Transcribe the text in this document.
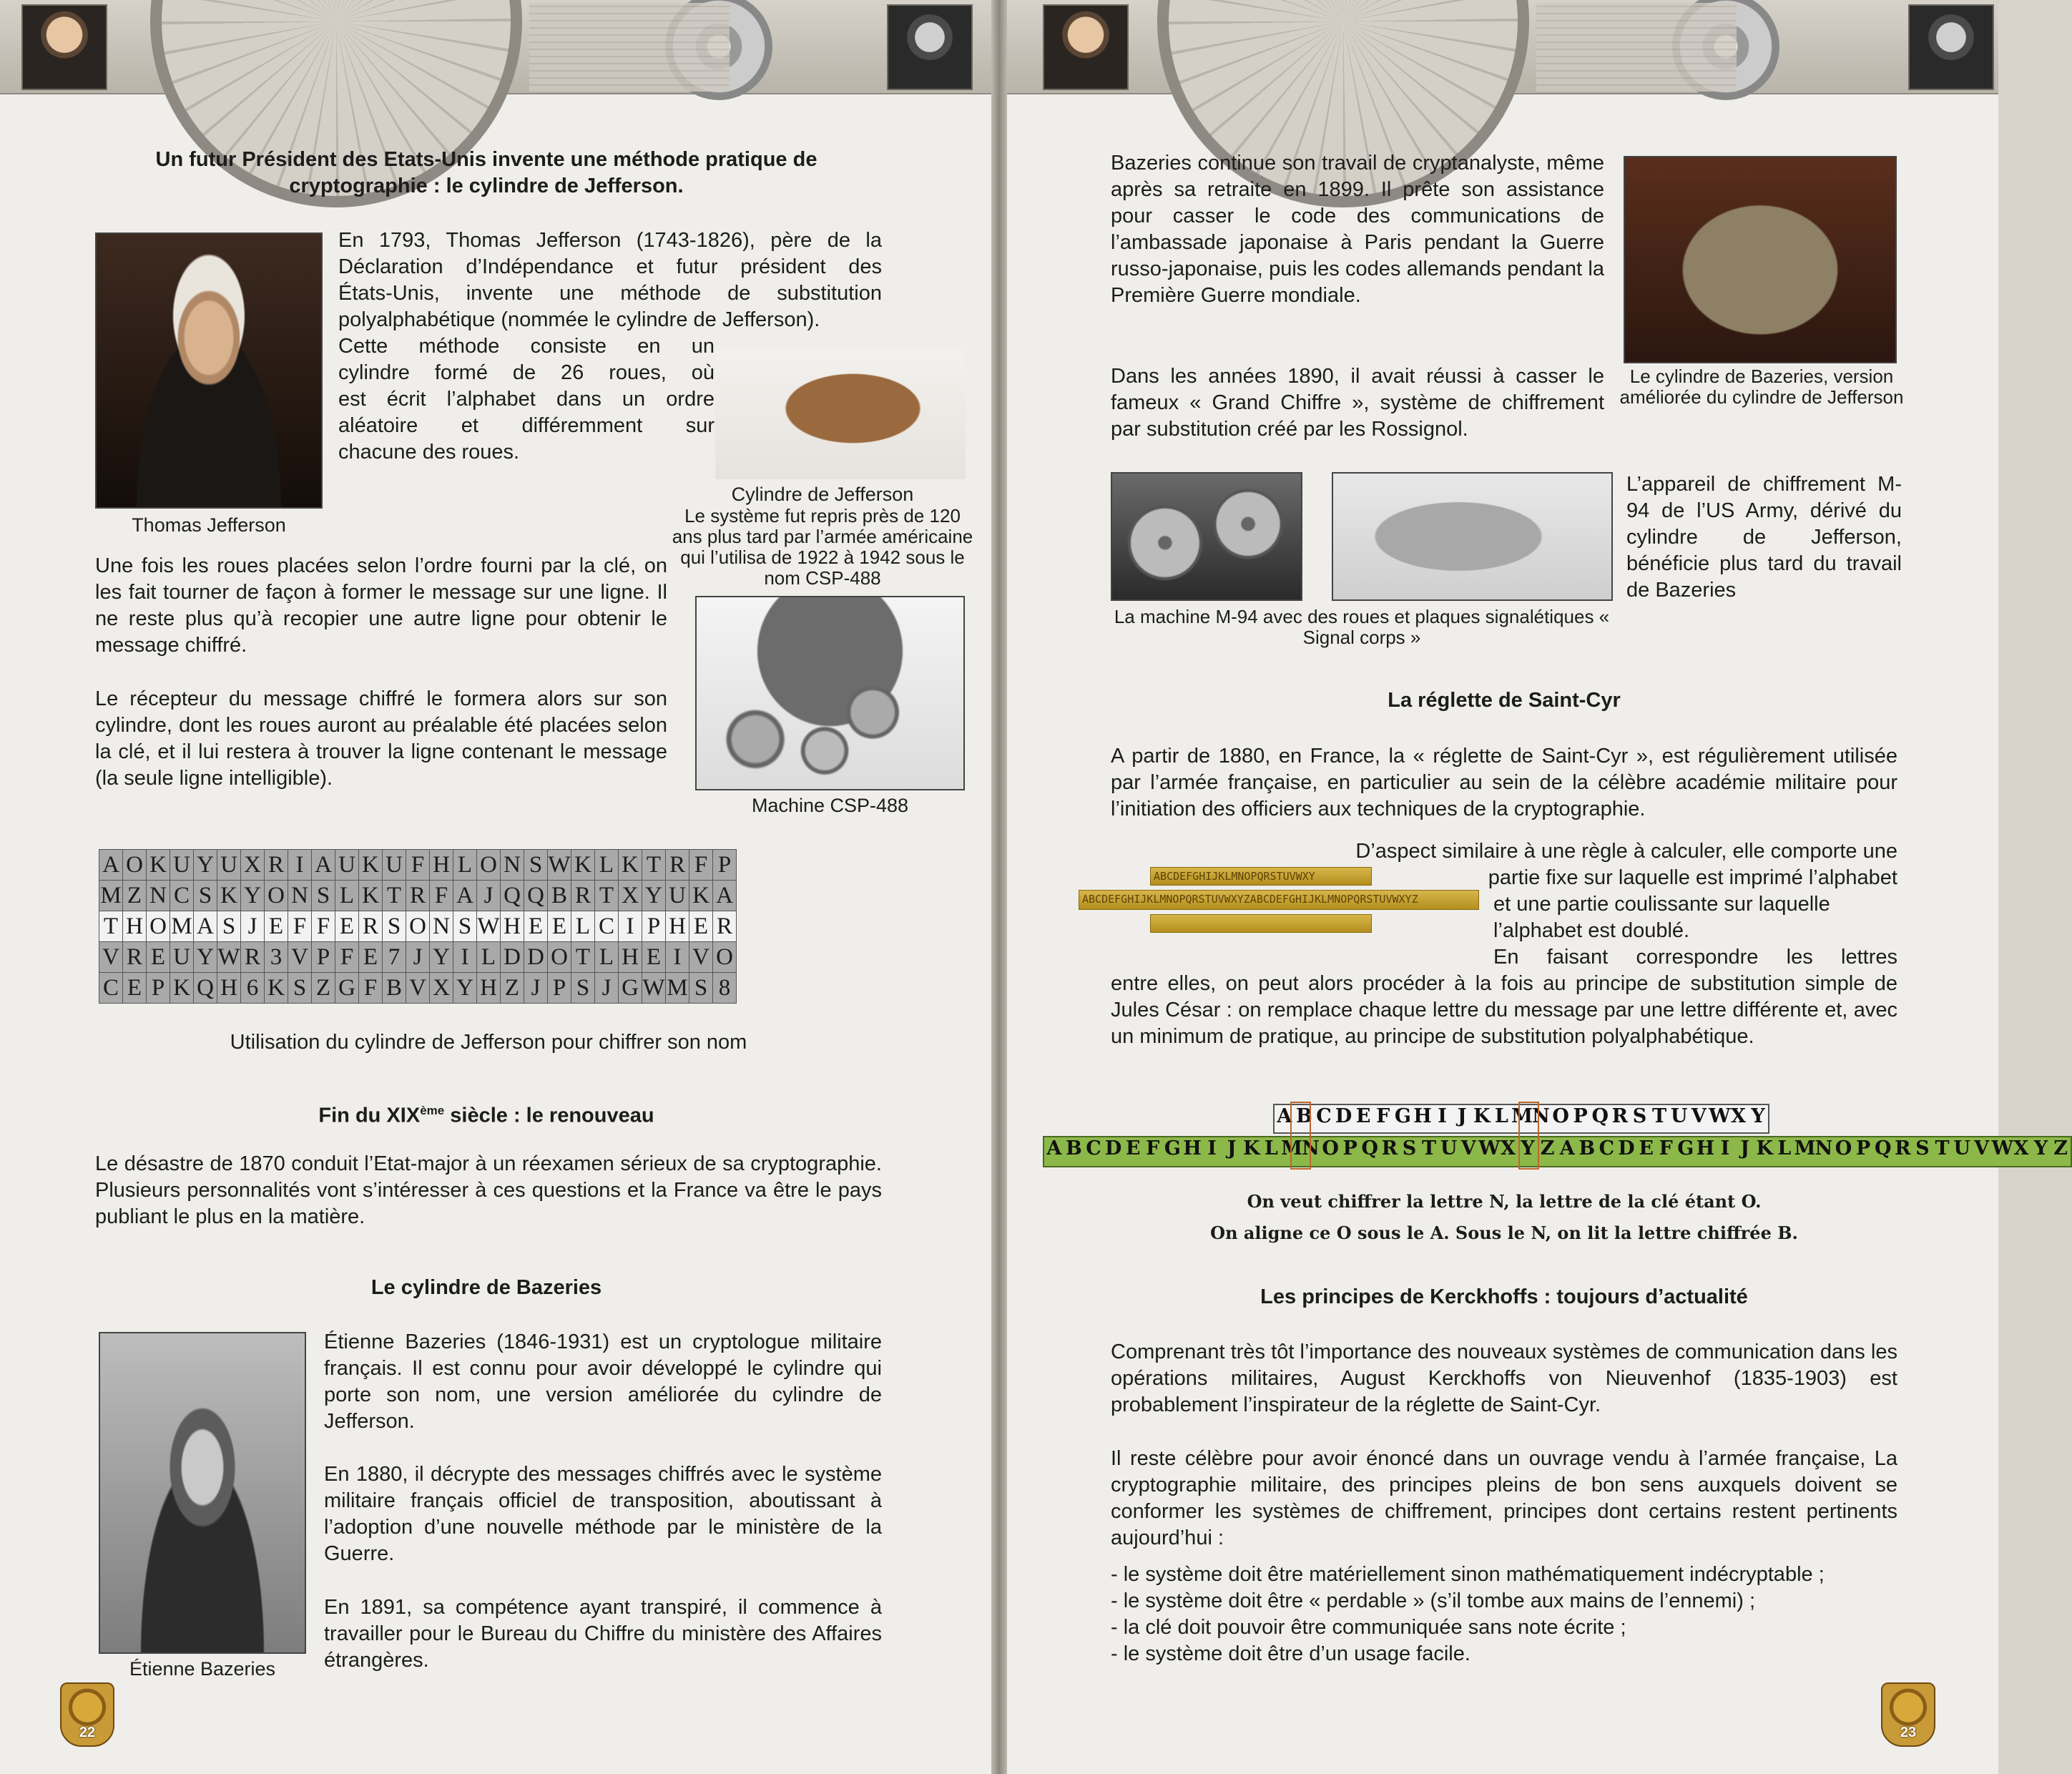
Un futur Président des Etats-Unis invente une méthode pratique de cryptographie : le cylindre de Jefferson.
Thomas Jefferson
En 1793, Thomas Jefferson (1743-1826), père de la
Déclaration d’Indépendance et futur président des
États-Unis, invente une méthode de substitution
polyalphabétique (nommée le cylindre de Jefferson).
Cette méthode consiste en un
cylindre formé de 26 roues, où
est écrit l’alphabet dans un ordre
aléatoire et différemment sur
chacune des roues.
Cylindre de Jefferson
Le système fut repris près de 120 ans plus tard par l’armée américaine qui l’utilisa de 1922 à 1942 sous le nom CSP-488
Une fois les roues placées selon l’ordre fourni par la clé, on les fait tourner de façon à former le message sur une ligne. Il ne reste plus qu’à recopier une autre ligne pour obtenir le message chiffré.
Le récepteur du message chiffré le formera alors sur son cylindre, dont les roues auront au préalable été placées selon la clé, et il lui restera à trouver la ligne contenant le message (la seule ligne intelligible).
Machine CSP-488
A	O	K	U	Y	U	X	R	I	A	U	K	U	F	H	L	O	N	S	W	K	L	K	T	R	F	P
M	Z	N	C	S	K	Y	O	N	S	L	K	T	R	F	A	J	Q	Q	B	R	T	X	Y	U	K	A
T	H	O	M	A	S	J	E	F	F	E	R	S	O	N	S	W	H	E	E	L	C	I	P	H	E	R
V	R	E	U	Y	W	R	3	V	P	F	E	7	J	Y	I	L	D	D	O	T	L	H	E	I	V	O
C	E	P	K	Q	H	6	K	S	Z	G	F	B	V	X	Y	H	Z	J	P	S	J	G	W	M	S	8
Utilisation du cylindre de Jefferson pour chiffrer son nom
Fin du XIXème siècle : le renouveau
Le désastre de 1870 conduit l’Etat-major à un réexamen sérieux de sa cryptographie. Plusieurs personnalités vont s’intéresser à ces questions et la France va être le pays publiant le plus en la matière.
Le cylindre de Bazeries
Étienne Bazeries
Étienne Bazeries (1846-1931) est un cryptologue militaire français. Il est connu pour avoir développé le cylindre qui porte son nom, une version améliorée du cylindre de Jefferson.
En 1880, il décrypte des messages chiffrés avec le système militaire français officiel de transposition, aboutissant à l’adoption d’une nouvelle méthode par le ministère de la Guerre.
En 1891, sa compétence ayant transpiré, il commence à travailler pour le Bureau du Chiffre du ministère des Affaires étrangères.
22
Bazeries continue son travail de cryptanalyste, même après sa retraite en 1899. Il prête son assistance pour casser le code des communications de l’ambassade japonaise à Paris pendant la Guerre russo-japonaise, puis les codes allemands pendant la Première Guerre mondiale.
Dans les années 1890, il avait réussi à casser le fameux « Grand Chiffre », système de chiffrement par substitution créé par les Rossignol.
Le cylindre de Bazeries, version améliorée du cylindre de Jefferson
La machine M-94 avec des roues et plaques signalétiques « Signal corps »
L’appareil de chiffrement M-94 de l’US Army, dérivé du cylindre de Jefferson, bénéficie plus tard du travail de Bazeries
La réglette de Saint-Cyr
A partir de 1880, en France, la « réglette de Saint-Cyr », est régulièrement utilisée par l’armée française, en particulier au sein de la célèbre académie militaire pour l’initiation des officiers aux techniques de la cryptographie.
ABCDEFGHIJKLMNOPQRSTUVWXY
ABCDEFGHIJKLMNOPQRSTUVWXYZABCDEFGHIJKLMNOPQRSTUVWXYZ
D’aspect similaire à une règle à calculer, elle comporte une
partie fixe sur laquelle est imprimé l’alphabet
et une partie coulissante sur laquelle
l’alphabet est doublé.
En faisant correspondre les lettres
entre elles, on peut alors procéder à la fois au principe de substitution simple de Jules César : on remplace chaque lettre du message par une lettre différente et, avec un minimum de pratique, au principe de substitution polyalphabétique.
A B C D E F G H I J K L M N O P Q R S T U V W X Y
A B C D E F G H I J K L M N O P Q R S T U V W X Y Z A B C D E F G H I J K L M N O P Q R S T U V W X Y Z
On veut chiffrer la lettre N, la lettre de la clé étant O.
On aligne ce O sous le A. Sous le N, on lit la lettre chiffrée B.
Les principes de Kerckhoffs : toujours d’actualité
Comprenant très tôt l’importance des nouveaux systèmes de communication dans les opérations militaires, August Kerckhoffs von Nieuvenhof (1835-1903) est probablement l’inspirateur de la réglette de Saint-Cyr.
Il reste célèbre pour avoir énoncé dans un ouvrage vendu à l’armée française, La cryptographie militaire, des principes pleins de bon sens auxquels doivent se conformer les systèmes de chiffrement, principes dont certains restent pertinents aujourd’hui :
- le système doit être matériellement sinon mathématiquement indécryptable ;
- le système doit être « perdable » (s’il tombe aux mains de l’ennemi) ;
- la clé doit pouvoir être communiquée sans note écrite ;
- le système doit être d’un usage facile.
23
